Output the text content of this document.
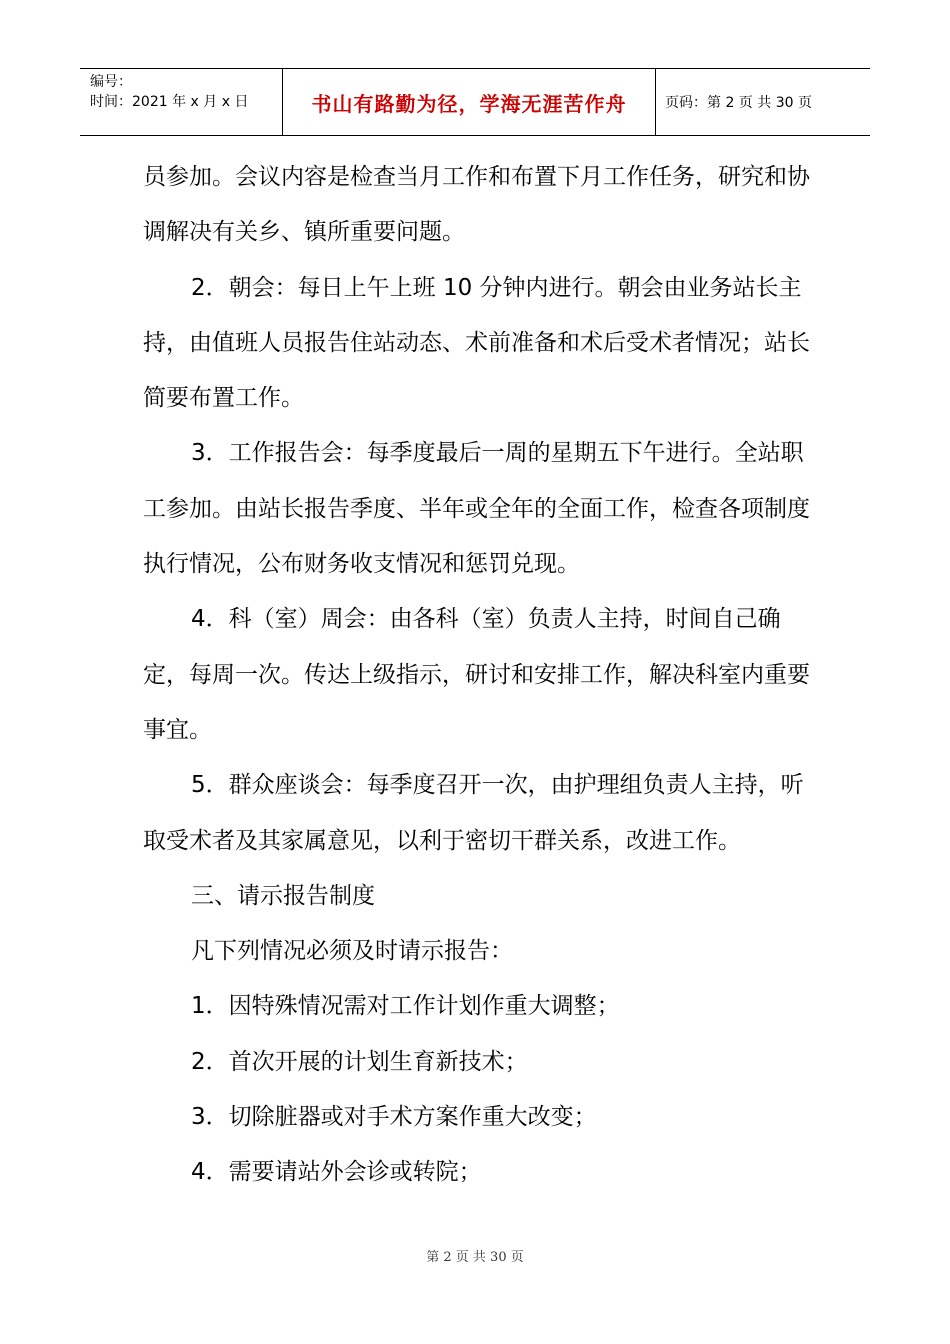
编号：
时间：2021 年 x 月 x 日	书山有路勤为径，学海无涯苦作舟	页码：第 2 页 共 30 页

员参加。会议内容是检查当月工作和布置下月工作任务，研究和协调解决有关乡、镇所重要问题。

2．朝会：每日上午上班 10 分钟内进行。朝会由业务站长主持，由值班人员报告住站动态、术前准备和术后受术者情况；站长简要布置工作。

3．工作报告会：每季度最后一周的星期五下午进行。全站职工参加。由站长报告季度、半年或全年的全面工作，检查各项制度执行情况，公布财务收支情况和惩罚兑现。

4．科（室）周会：由各科（室）负责人主持，时间自己确定，每周一次。传达上级指示，研讨和安排工作，解决科室内重要事宜。

5．群众座谈会：每季度召开一次，由护理组负责人主持，听取受术者及其家属意见，以利于密切干群关系，改进工作。

三、请示报告制度

凡下列情况必须及时请示报告：

1．因特殊情况需对工作计划作重大调整；

2．首次开展的计划生育新技术；

3．切除脏器或对手术方案作重大改变；

4．需要请站外会诊或转院；

第 2 页 共 30 页
